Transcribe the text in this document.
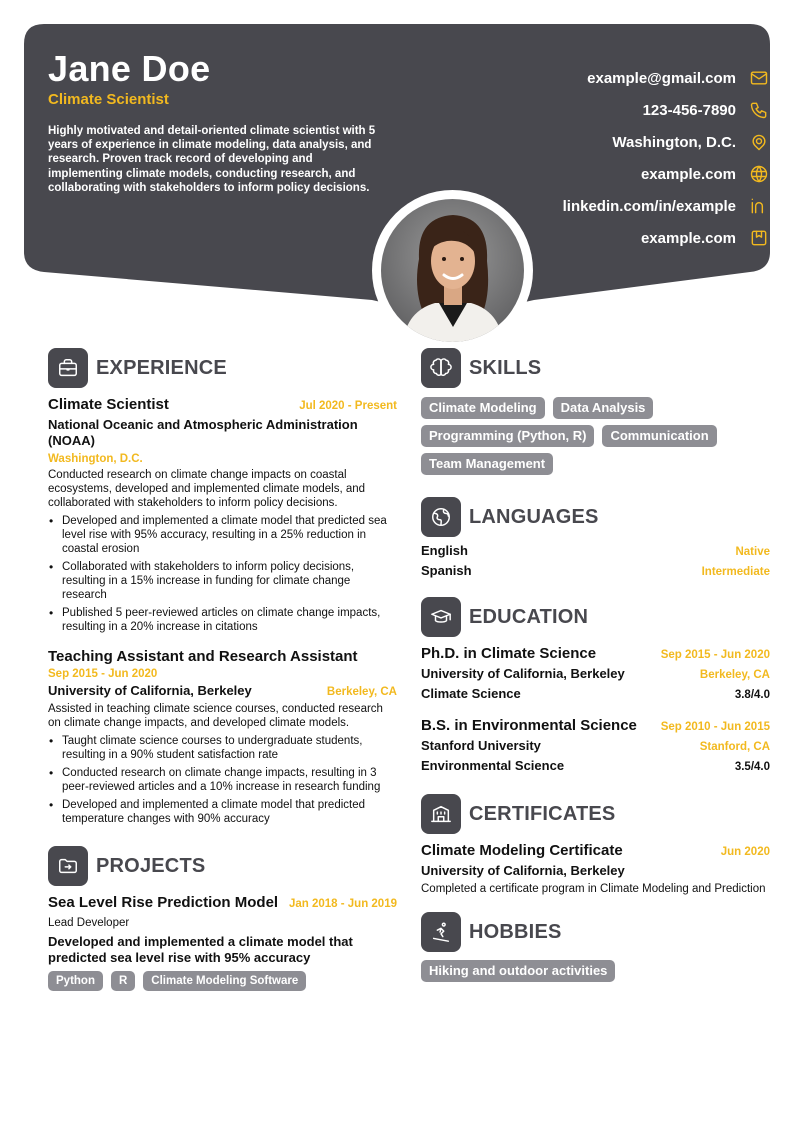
Jane Doe
Climate Scientist
Highly motivated and detail-oriented climate scientist with 5 years of experience in climate modeling, data analysis, and research. Proven track record of developing and implementing climate models, conducting research, and collaborating with stakeholders to inform policy decisions.
example@gmail.com
123-456-7890
Washington, D.C.
example.com
linkedin.com/in/example
example.com
EXPERIENCE
Climate Scientist	Jul 2020 - Present
National Oceanic and Atmospheric Administration (NOAA)
Washington, D.C.
Conducted research on climate change impacts on coastal ecosystems, developed and implemented climate models, and collaborated with stakeholders to inform policy decisions.
• Developed and implemented a climate model that predicted sea level rise with 95% accuracy, resulting in a 25% reduction in coastal erosion
• Collaborated with stakeholders to inform policy decisions, resulting in a 15% increase in funding for climate change research
• Published 5 peer-reviewed articles on climate change impacts, resulting in a 20% increase in citations
Teaching Assistant and Research Assistant
Sep 2015 - Jun 2020
University of California, Berkeley	Berkeley, CA
Assisted in teaching climate science courses, conducted research on climate change impacts, and developed climate models.
• Taught climate science courses to undergraduate students, resulting in a 90% student satisfaction rate
• Conducted research on climate change impacts, resulting in 3 peer-reviewed articles and a 10% increase in research funding
• Developed and implemented a climate model that predicted temperature changes with 90% accuracy
PROJECTS
Sea Level Rise Prediction Model Jan 2018 - Jun 2019
Lead Developer
Developed and implemented a climate model that predicted sea level rise with 95% accuracy
Python	R	Climate Modeling Software
SKILLS
Climate Modeling	Data Analysis
Programming (Python, R)	Communication
Team Management
LANGUAGES
English	Native
Spanish	Intermediate
EDUCATION
Ph.D. in Climate Science	Sep 2015 - Jun 2020
University of California, Berkeley	Berkeley, CA
Climate Science	3.8/4.0
B.S. in Environmental Science Sep 2010 - Jun 2015
Stanford University	Stanford, CA
Environmental Science	3.5/4.0
CERTIFICATES
Climate Modeling Certificate	Jun 2020
University of California, Berkeley
Completed a certificate program in Climate Modeling and Prediction
HOBBIES
Hiking and outdoor activities
